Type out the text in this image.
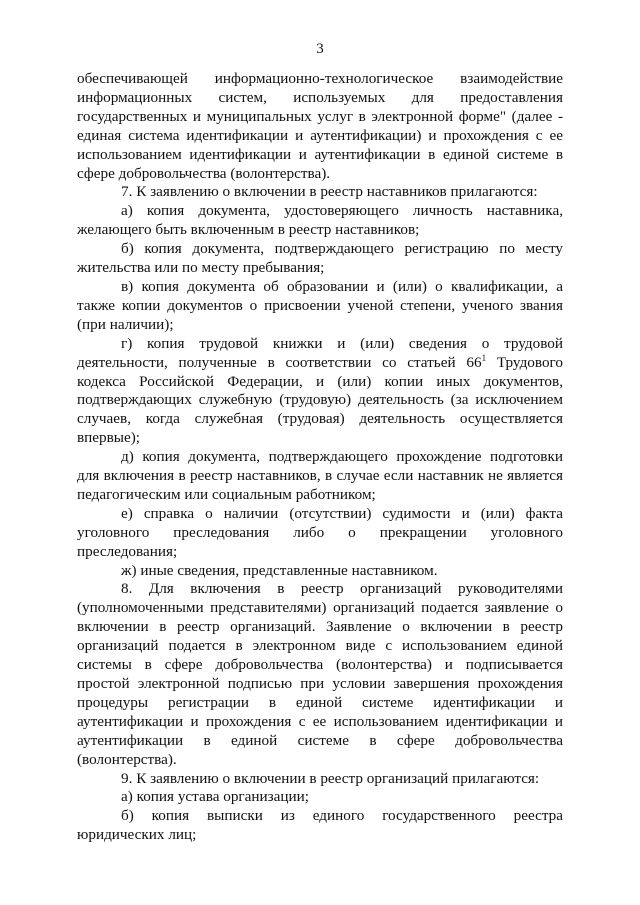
3

обеспечивающей информационно-технологическое взаимодействие информационных систем, используемых для предоставления государственных и муниципальных услуг в электронной форме" (далее - единая система идентификации и аутентификации) и прохождения с ее использованием идентификации и аутентификации в единой системе в сфере добровольчества (волонтерства).

7. К заявлению о включении в реестр наставников прилагаются:

а) копия документа, удостоверяющего личность наставника, желающего быть включенным в реестр наставников;

б) копия документа, подтверждающего регистрацию по месту жительства или по месту пребывания;

в) копия документа об образовании и (или) о квалификации, а также копии документов о присвоении ученой степени, ученого звания (при наличии);

г) копия трудовой книжки и (или) сведения о трудовой деятельности, полученные в соответствии со статьей $66^1$ Трудового кодекса Российской Федерации, и (или) копии иных документов, подтверждающих служебную (трудовую) деятельность (за исключением случаев, когда служебная (трудовая) деятельность осуществляется впервые);

д) копия документа, подтверждающего прохождение подготовки для включения в реестр наставников, в случае если наставник не является педагогическим или социальным работником;

е) справка о наличии (отсутствии) судимости и (или) факта уголовного преследования либо о прекращении уголовного преследования;

ж) иные сведения, представленные наставником.

8. Для включения в реестр организаций руководителями (уполномоченными представителями) организаций подается заявление о включении в реестр организаций. Заявление о включении в реестр организаций подается в электронном виде с использованием единой системы в сфере добровольчества (волонтерства) и подписывается простой электронной подписью при условии завершения прохождения процедуры регистрации в единой системе идентификации и аутентификации и прохождения с ее использованием идентификации и аутентификации в единой системе в сфере добровольчества (волонтерства).

9. К заявлению о включении в реестр организаций прилагаются:

а) копия устава организации;

б) копия выписки из единого государственного реестра юридических лиц;
